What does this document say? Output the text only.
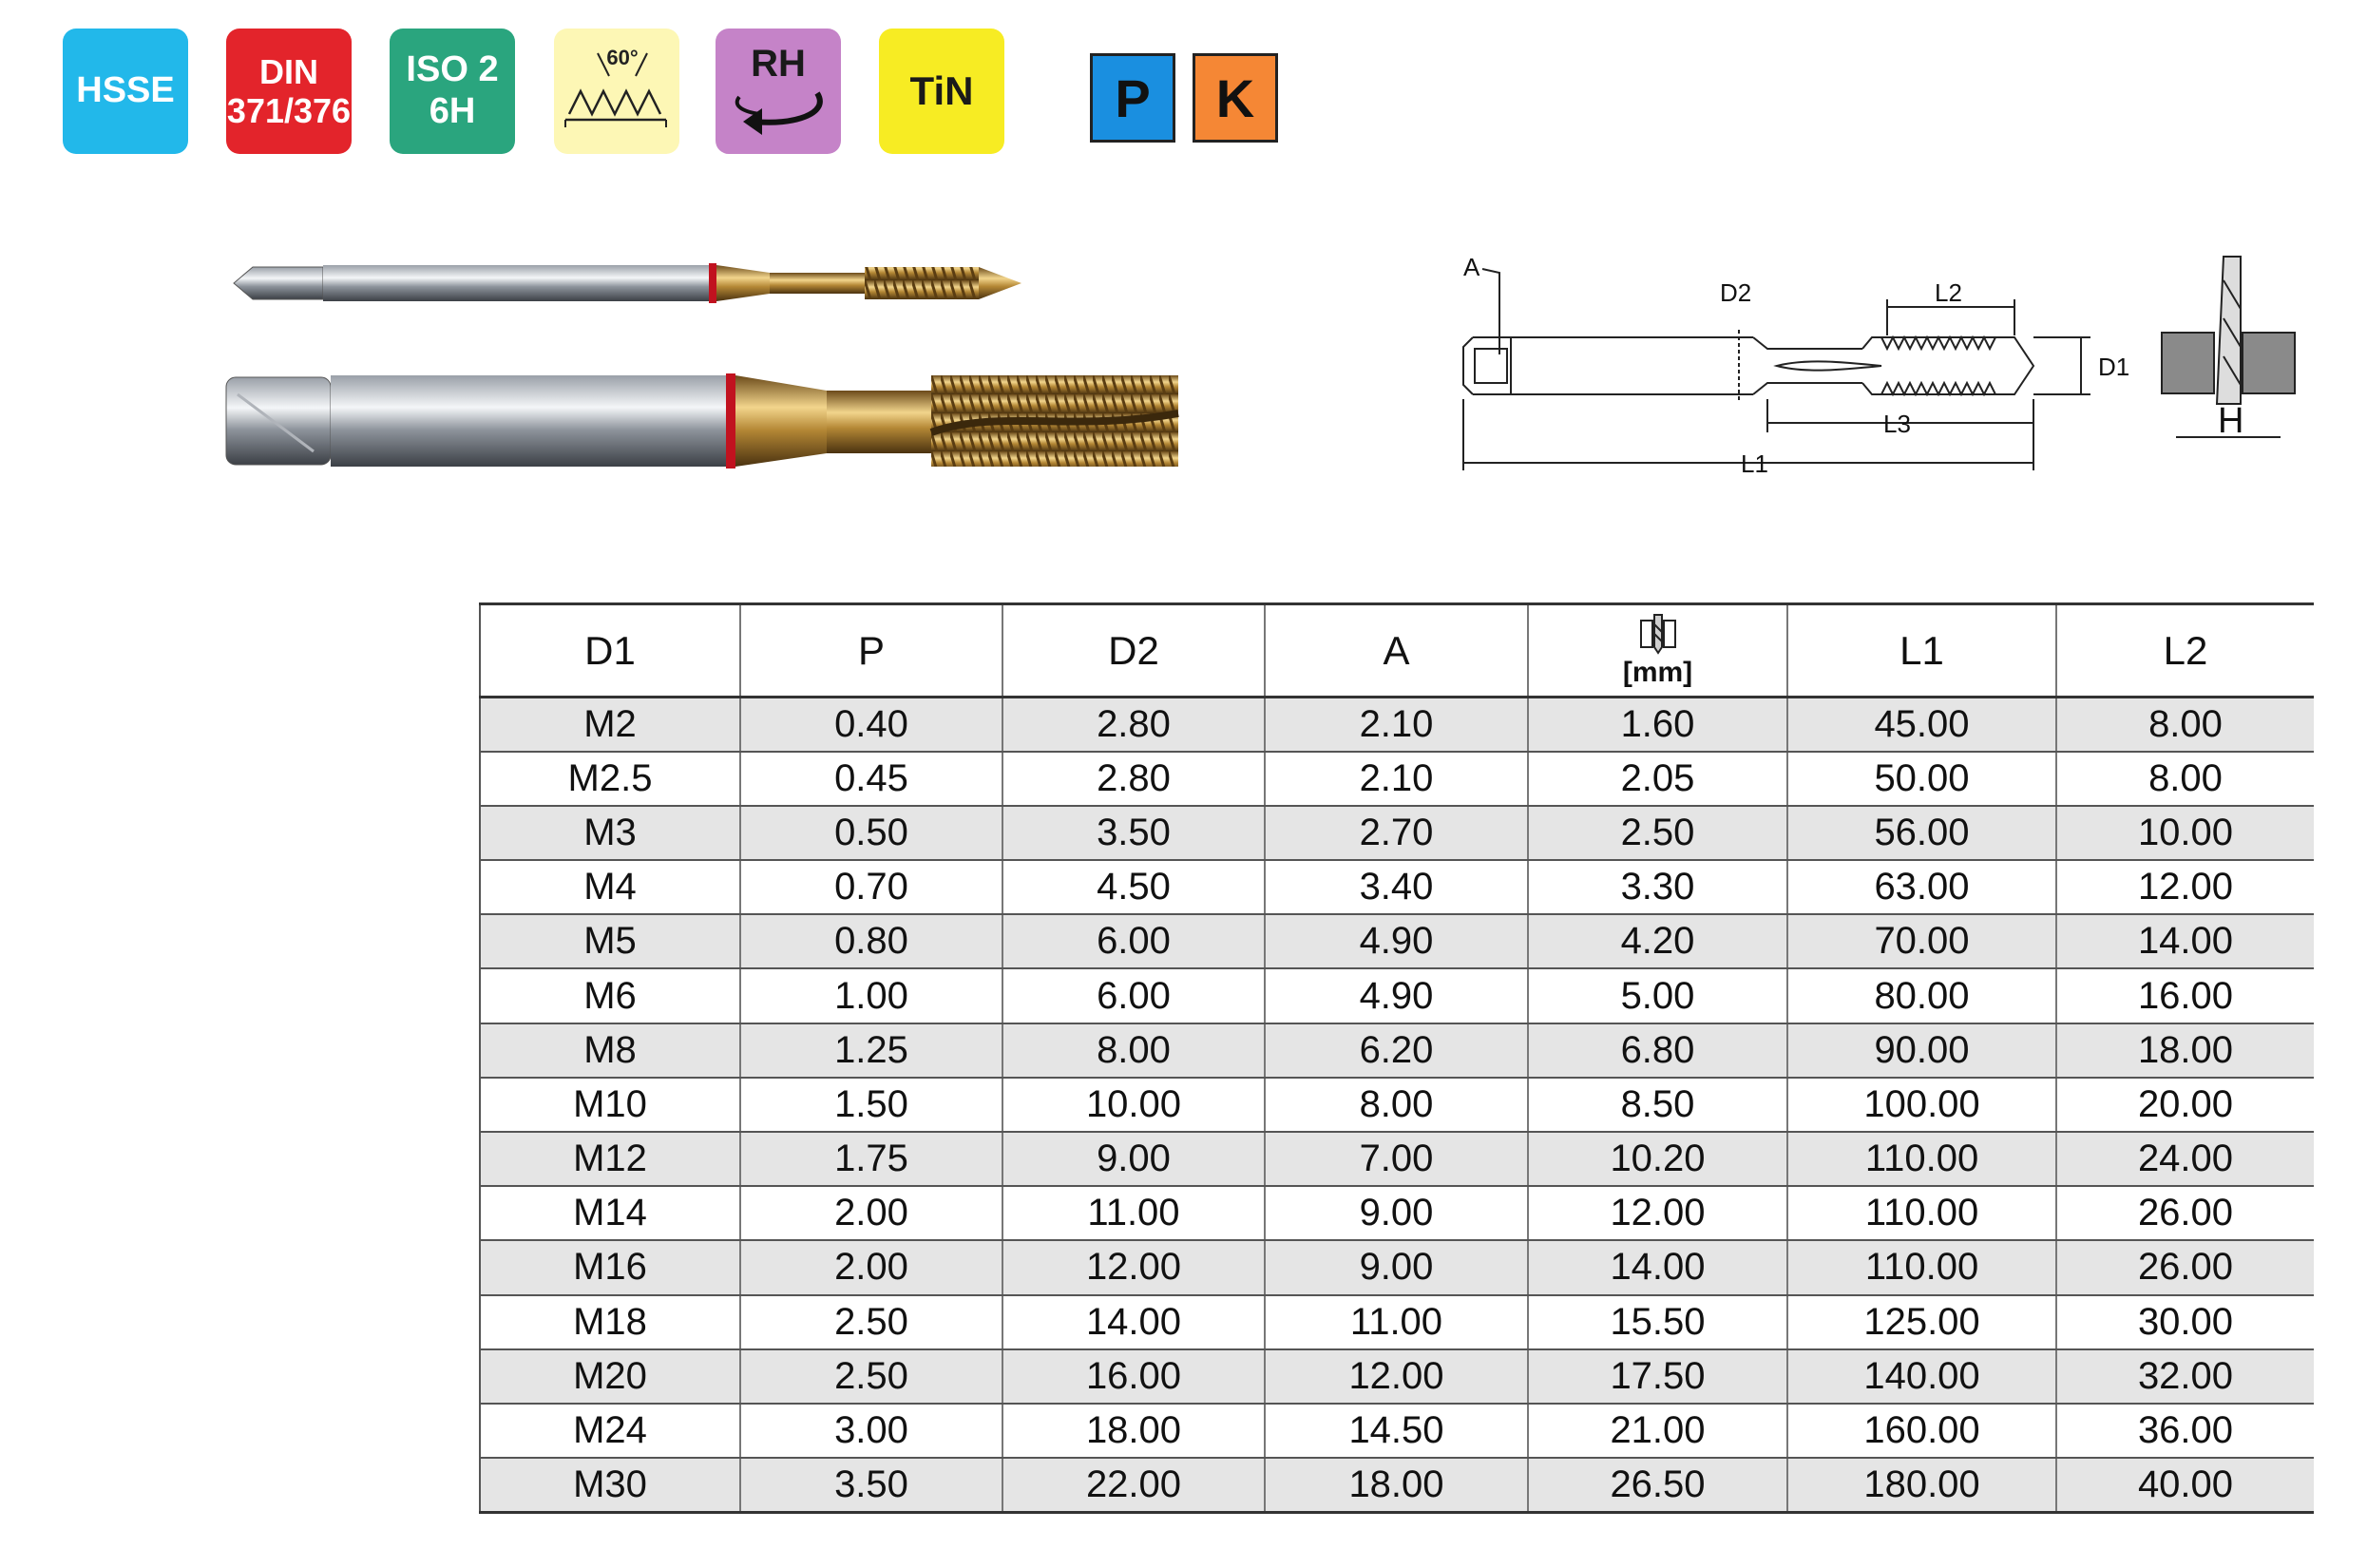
HSSE DIN
371/376
ISO 2
6H
60°	RH
TiN	P K
A
D2	L2
D1
L3
L1
H
D1	P	D2	A	[mm]	L1	L2
M2	0.40	2.80	2.10	1.60	45.00	8.00
M2.5	0.45	2.80	2.10	2.05	50.00	8.00
M3	0.50	3.50	2.70	2.50	56.00	10.00
M4	0.70	4.50	3.40	3.30	63.00	12.00
M5	0.80	6.00	4.90	4.20	70.00	14.00
M6	1.00	6.00	4.90	5.00	80.00	16.00
M8	1.25	8.00	6.20	6.80	90.00	18.00
M10	1.50	10.00	8.00	8.50	100.00	20.00
M12	1.75	9.00	7.00	10.20	110.00	24.00
M14	2.00	11.00	9.00	12.00	110.00	26.00
M16	2.00	12.00	9.00	14.00	110.00	26.00
M18	2.50	14.00	11.00	15.50	125.00	30.00
M20	2.50	16.00	12.00	17.50	140.00	32.00
M24	3.00	18.00	14.50	21.00	160.00	36.00
M30	3.50	22.00	18.00	26.50	180.00	40.00
